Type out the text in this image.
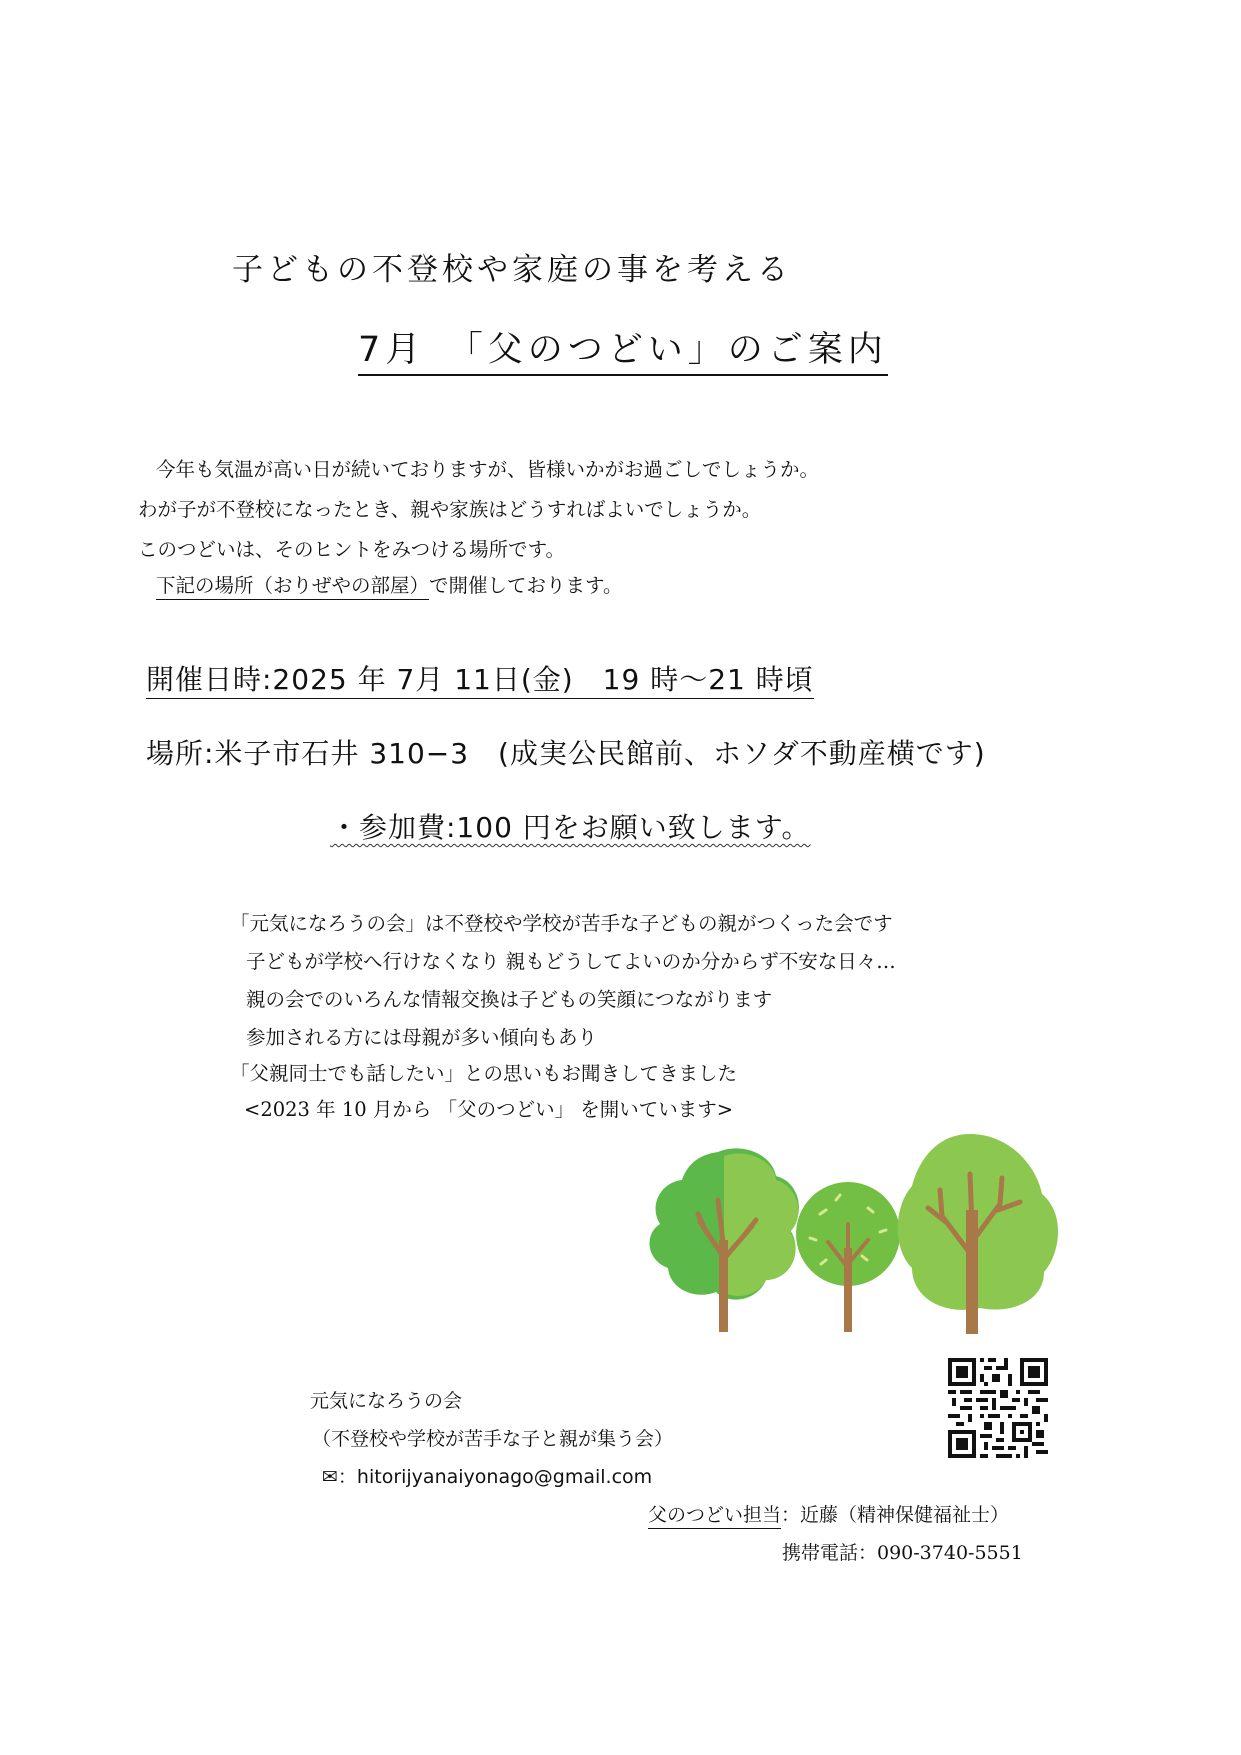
子どもの不登校や家庭の事を考える
7月　「父のつどい」のご案内
今年も気温が高い日が続いておりますが、皆様いかがお過ごしでしょうか。
わが子が不登校になったとき、親や家族はどうすればよいでしょうか。
このつどいは、そのヒントをみつける場所です。
下記の場所（おりぜやの部屋）で開催しております。
開催日時:2025 年 7月 11日(金)　19 時～21 時頃
場所:米子市石井 310−3　(成実公民館前、ホソダ不動産横です)
・参加費:100 円をお願い致します。
「元気になろうの会」は不登校や学校が苦手な子どもの親がつくった会です
子どもが学校へ行けなくなり 親もどうしてよいのか分からず不安な日々…
親の会でのいろんな情報交換は子どもの笑顔につながります
参加される方には母親が多い傾向もあり
「父親同士でも話したい」との思いもお聞きしてきました
<2023 年 10 月から 「父のつどい」 を開いています>
元気になろうの会
（不登校や学校が苦手な子と親が集う会）
✉：hitorijyanaiyonago@gmail.com
父のつどい担当：近藤（精神保健福祉士）
携帯電話：090-3740-5551
